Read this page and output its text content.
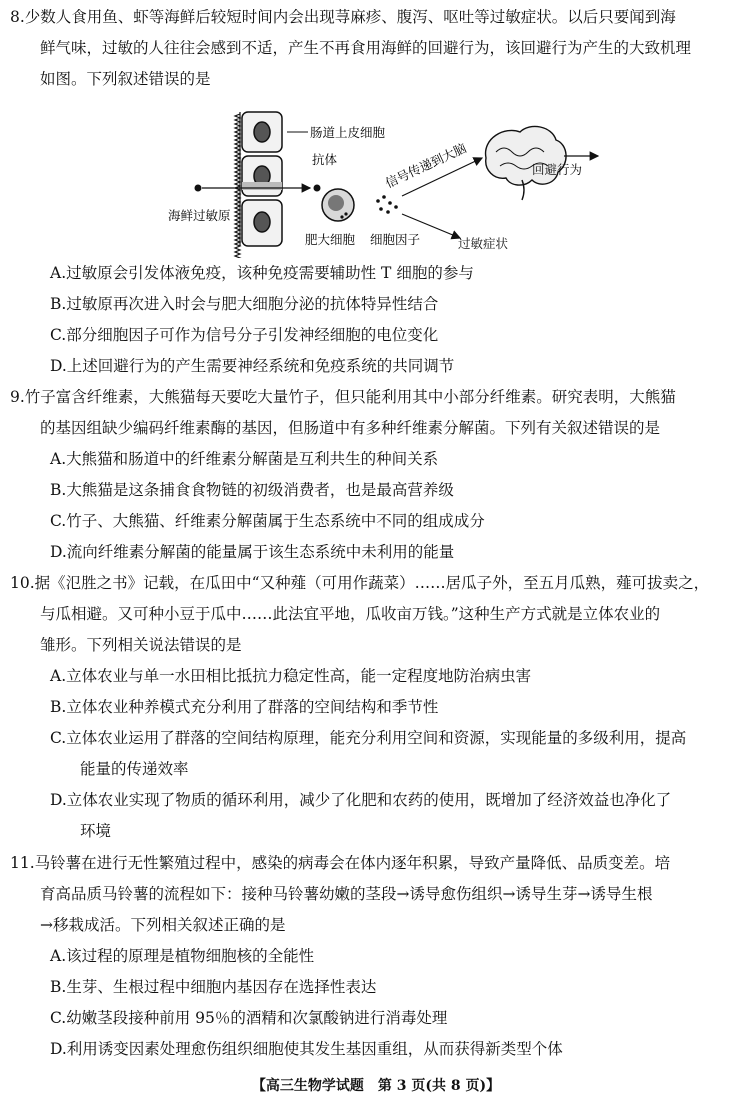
8.少数人食用鱼、虾等海鲜后较短时间内会出现荨麻疹、腹泻、呕吐等过敏症状。以后只要闻到海
鲜气味，过敏的人往往会感到不适，产生不再食用海鲜的回避行为，该回避行为产生的大致机理
如图。下列叙述错误的是
肠道上皮细胞
海鲜过敏原
抗体
肥大细胞 细胞因子
信号传递到大脑	回避行为
过敏症状
A.过敏原会引发体液免疫，该种免疫需要辅助性 T 细胞的参与
B.过敏原再次进入时会与肥大细胞分泌的抗体特异性结合
C.部分细胞因子可作为信号分子引发神经细胞的电位变化
D.上述回避行为的产生需要神经系统和免疫系统的共同调节
9.竹子富含纤维素，大熊猫每天要吃大量竹子，但只能利用其中小部分纤维素。研究表明，大熊猫
的基因组缺少编码纤维素酶的基因，但肠道中有多种纤维素分解菌。下列有关叙述错误的是
A.大熊猫和肠道中的纤维素分解菌是互利共生的种间关系
B.大熊猫是这条捕食食物链的初级消费者，也是最高营养级
C.竹子、大熊猫、纤维素分解菌属于生态系统中不同的组成成分
D.流向纤维素分解菌的能量属于该生态系统中未利用的能量
10.据《氾胜之书》记载，在瓜田中“又种薤（可用作蔬菜）……居瓜子外，至五月瓜熟，薤可拔卖之，
与瓜相避。又可种小豆于瓜中……此法宜平地，瓜收亩万钱。”这种生产方式就是立体农业的
雏形。下列相关说法错误的是
A.立体农业与单一水田相比抵抗力稳定性高，能一定程度地防治病虫害
B.立体农业种养模式充分利用了群落的空间结构和季节性
C.立体农业运用了群落的空间结构原理，能充分利用空间和资源，实现能量的多级利用，提高
能量的传递效率
D.立体农业实现了物质的循环利用，减少了化肥和农药的使用，既增加了经济效益也净化了
环境
11.马铃薯在进行无性繁殖过程中，感染的病毒会在体内逐年积累，导致产量降低、品质变差。培
育高品质马铃薯的流程如下：接种马铃薯幼嫩的茎段→诱导愈伤组织→诱导生芽→诱导生根
→移栽成活。下列相关叙述正确的是
A.该过程的原理是植物细胞核的全能性
B.生芽、生根过程中细胞内基因存在选择性表达
C.幼嫩茎段接种前用 95％的酒精和次氯酸钠进行消毒处理
D.利用诱变因素处理愈伤组织细胞使其发生基因重组，从而获得新类型个体
【高三生物学试题　第 3 页(共 8 页)】
